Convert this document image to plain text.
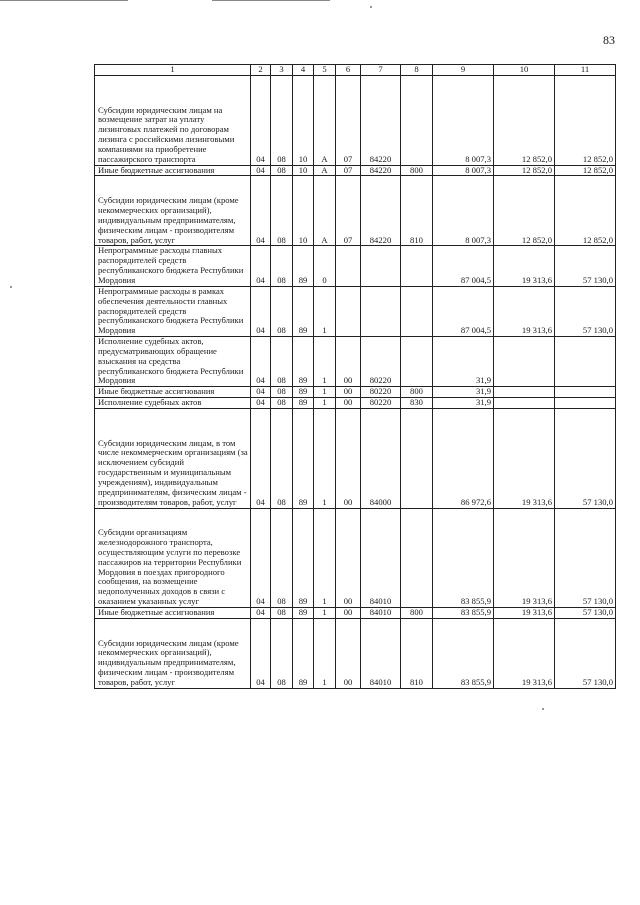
83
1	2	3	4	5	6	7	8	9	10	11
Субсидии юридическим лицам на возмещение затрат на уплату лизинговых платежей по договорам лизинга с российскими лизинговыми компаниями на приобретение пассажирского транспорта	04	08	10	А	07	84220		8 007,3	12 852,0	12 852,0
Иные бюджетные ассигнования	04	08	10	А	07	84220	800	8 007,3	12 852,0	12 852,0
Субсидии юридическим лицам (кроме некоммерческих организаций), индивидуальным предпринимателям, физическим лицам - производителям товаров, работ, услуг	04	08	10	А	07	84220	810	8 007,3	12 852,0	12 852,0
Непрограммные расходы главных распорядителей средств республиканского бюджета Республики Мордовия	04	08	89	0				87 004,5	19 313,6	57 130,0
Непрограммные расходы в рамках обеспечения деятельности главных распорядителей средств республиканского бюджета Республики Мордовия	04	08	89	1				87 004,5	19 313,6	57 130,0
Исполнение судебных актов, предусматривающих обращение взыскания на средства республиканского бюджета Республики Мордовия	04	08	89	1	00	80220		31,9		
Иные бюджетные ассигнования	04	08	89	1	00	80220	800	31,9		
Исполнение судебных актов	04	08	89	1	00	80220	830	31,9		
Субсидии юридическим лицам, в том числе некоммерческим организациям (за исключением субсидий государственным и муниципальным учреждениям), индивидуальным предпринимателям, физическим лицам - производителям товаров, работ, услуг	04	08	89	1	00	84000		86 972,6	19 313,6	57 130,0
Субсидии организациям железнодорожного транспорта, осуществляющим услуги по перевозке пассажиров на территории Республики Мордовия в поездах пригородного сообщения, на возмещение недополученных доходов в связи с оказанием указанных услуг	04	08	89	1	00	84010		83 855,9	19 313,6	57 130,0
Иные бюджетные ассигнования	04	08	89	1	00	84010	800	83 855,9	19 313,6	57 130,0
Субсидии юридическим лицам (кроме некоммерческих организаций), индивидуальным предпринимателям, физическим лицам - производителям товаров, работ, услуг	04	08	89	1	00	84010	810	83 855,9	19 313,6	57 130,0
